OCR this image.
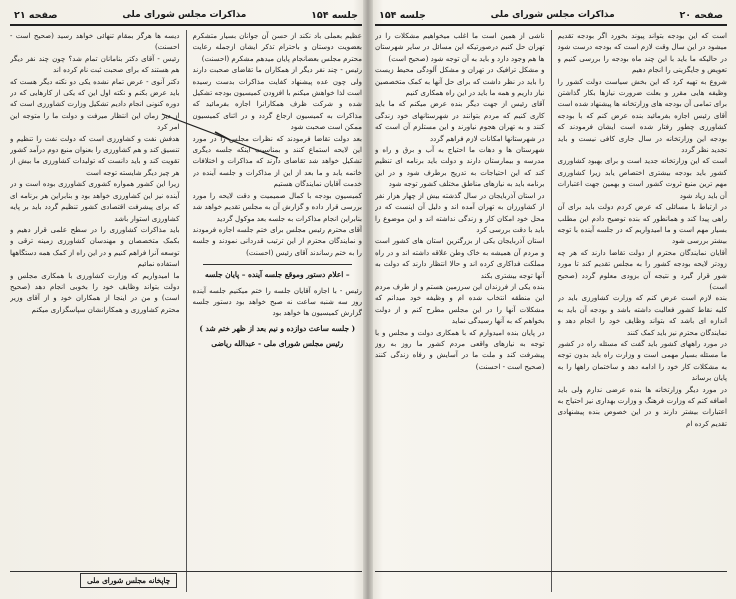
جلسه ۱۵۴
مذاکرات مجلس شورای ملی
صفحه ۲۱

عظیم بعملی باد نکند از حسن آن جوانان بسیار متشکرم بعضویت دوستان و باحترام تذکر ایشان ازجمله رعایت محترم مجلس بعضانجام پایان میدهم مشکرم (احسنت)

رئیس - چند نفر دیگر از همکاران ما تقاضای صحبت دارند ولی چون عده پیشنهاد کفایت مذاکرات بدست رسیده است لذا خواهش میکنم با افزودن کمیسیون بودجه تشکیل شده و شرکت ظرف همکارانرا اجازه بفرمائید که مذاکرات به کمیسیون ارجاع گردد و در اثنای کمیسیون ممکن است صحبت شود

بعد دولت تقاضا فرمودند که نظرات مجلس را در مورد این لایحه استماع کنند و بمناسبت اینکه جلسه دیگری تشکیل خواهد شد تقاضای دارند که مذاکرات و اختلافات خاتمه یابد و ما بعد از این از مذاکرات و جلسه آینده در خدمت آقایان نمایندگان هستیم

کمیسیون بودجه با کمال صمیمیت و دقت لایحه را مورد بررسی قرار داده و گزارش آن به مجلس تقدیم خواهد شد بنابراین انجام مذاکرات به جلسه بعد موکول گردید

آقای محترم رئیس مجلس برای ختم جلسه اجازه فرمودند و نمایندگان محترم از این ترتیب قدردانی نمودند و جلسه را به ختم رساندند آقای رئیس (احسنت)

– اعلام دستور وموقع جلسه آینده – پایان جلسه

رئیس - با اجازه آقایان جلسه را ختم میکنیم جلسه آینده روز سه شنبه ساعت نه صبح خواهد بود دستور جلسه گزارش کمیسیون ها خواهد بود

( جلسه ساعت دوازده و نیم بعد از ظهر ختم شد )
رئیس مجلس شورای ملی - عبدالله ریاضی

دیسه ها هرگز بمقام تنهائی خواهد رسید (صحیح است - احسنت)

رئیس - آقای دکتر بنامانان تمام شد؟ چون چند نفر دیگر هم هستند که برای صحبت ثبت نام کرده اند

دکتر آنوی - عرض تمام نشده یکی دو نکته دیگر هست که باید عرض بکنم و نکته اول این که یکی از کارهایی که در دوره کنونی انجام دادیم تشکیل وزارت کشاورزی است که از دیر زمان این انتظار میرفت و دولت ما را متوجه این امر کرد

هدفش نفت و کشاورزی است که دولت نفت را تنظیم و تنسیق کند و هم کشاورزی را بعنوان منبع دوم درآمد کشور تقویت کند و باید دانست که تولیدات کشاورزی ما بیش از هر چیز دیگر شایسته توجه است

زیرا این کشور همواره کشوری کشاورزی بوده است و در آینده نیز این کشاورزی خواهد بود و بنابراین هر برنامه ای که برای پیشرفت اقتصادی کشور تنظیم گردد باید بر پایه کشاورزی استوار باشد

باید مذاکرات کشاورزی را در سطح علمی قرار دهیم و بکمک متخصصان و مهندسان کشاورزی زمینه ترقی و توسعه آنرا فراهم کنیم و در این راه از کمک همه دستگاهها استفاده نمائیم

ما امیدواریم که وزارت کشاورزی با همکاری مجلس و دولت بتواند وظایف خود را بخوبی انجام دهد (صحیح است) و من در اینجا از همکاران خود و از آقای وزیر محترم کشاورزی و همکارانشان سپاسگزاری میکنم

چاپخانه مجلس شورای ملی
صفحه ۲۰
مذاکرات مجلس شورای ملی
جلسه ۱۵۴

است که این بودجه بتواند پیوند بخورد اگر بودجه تقدیم میشود در این سال وقت لازم است که بودجه درست شود در حالیکه ما باید با این چند ماه بودجه را بررسی کنیم و تعویض و جایگزینی را انجام دهیم

شروع به تهیه کرد که این بخش سیاست دولت کشور را وظیفه هایی مقرر و بعلت ضرورت نیازها بکار گذاشتن برای تمامی آن بودجه های وزارتخانه ها پیشنهاد شده است

آقای رئیس اجازه بفرمائید بنده عرض کنم که با بودجه کشاورزی چطور رفتار شده است ایشان فرمودند که بودجه این وزارتخانه در سال جاری کافی نیست و باید تجدید نظر گردد

است که این وزارتخانه جدید است و برای بهبود کشاورزی کشور باید بودجه بیشتری اختصاص یابد زیرا کشاورزی مهم ترین منبع ثروت کشور است و بهمین جهت اعتبارات آن باید زیاد شود

در ارتباط با مسائلی که عرض کردم دولت باید برای آن راهی پیدا کند و همانطور که بنده توضیح دادم این مطلب بسیار مهم است و ما امیدواریم که در جلسه آینده با توجه بیشتر بررسی شود

آقایان نمایندگان محترم از دولت تقاضا دارند که هر چه زودتر لایحه بودجه کشور را به مجلس تقدیم کند تا مورد شور قرار گیرد و نتیجه آن بزودی معلوم گردد (صحیح است)

بنده لازم است عرض کنم که وزارت کشاورزی باید در کلیه نقاط کشور فعالیت داشته باشد و بودجه آن باید به اندازه ای باشد که بتواند وظایف خود را انجام دهد و نمایندگان محترم نیز باید کمک کنند

در مورد راههای کشور باید گفت که مسئله راه در کشور ما مسئله بسیار مهمی است و وزارت راه باید بدون توجه به مشکلات کار خود را ادامه دهد و ساختمان راهها را به پایان برساند

در مورد دیگر وزارتخانه ها بنده عرضی ندارم ولی باید اضافه کنم که وزارت فرهنگ و وزارت بهداری نیز احتیاج به اعتبارات بیشتر دارند و در این خصوص بنده پیشنهادی تقدیم کرده ام

ناشی از همین است ما اغلب میخواهیم مشکلات را در تهران حل کنیم درصورتیکه این مسائل در سایر شهرستان ها هم وجود دارد و باید به آن توجه شود (صحیح است)

و مشکل ترافیک در تهران و مشکل آلودگی محیط زیست را باید در نظر داشت که برای حل آنها به کمک متخصصین نیاز داریم و همه ما باید در این راه همکاری کنیم

آقای رئیس از جهت دیگر بنده عرض میکنم که ما باید کاری کنیم که مردم بتوانند در شهرستانهای خود زندگی کنند و به تهران هجوم نیاورند و این مستلزم آن است که در شهرستانها امکانات لازم فراهم گردد

شهرستان ها و دهات ما احتیاج به آب و برق و راه و مدرسه و بیمارستان دارند و دولت باید برنامه ای تنظیم کند که این احتیاجات به تدریج برطرف شود و در این برنامه باید به نیازهای مناطق مختلف کشور توجه شود

در استان آذربایجان در سال گذشته بیش از چهار هزار نفر از کشاورزان به تهران آمده اند و دلیل آن اینست که در محل خود امکان کار و زندگی نداشته اند و این موضوع را باید با دقت بررسی کرد

استان آذربایجان یکی از بزرگترین استان های کشور است و مردم آن همیشه به خاک وطن علاقه داشته اند و در راه مملکت فداکاری کرده اند و حالا انتظار دارند که دولت به آنها توجه بیشتری بکند

بنده یکی از فرزندان این سرزمین هستم و از طرف مردم این منطقه انتخاب شده ام و وظیفه خود میدانم که مشکلات آنها را در این مجلس مطرح کنم و از دولت بخواهم که به آنها رسیدگی نماید

در پایان بنده امیدوارم که با همکاری دولت و مجلس و با توجه به نیازهای واقعی مردم کشور ما روز به روز پیشرفت کند و ملت ما در آسایش و رفاه زندگی کنند (صحیح است - احسنت)
